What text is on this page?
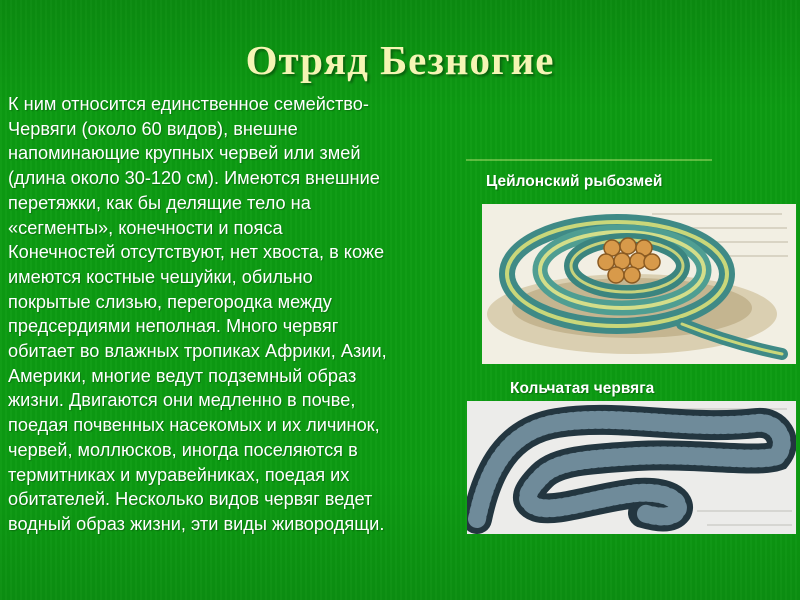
Отряд Безногие
К ним относится единственное семейство-
Червяги (около 60 видов), внешне
напоминающие крупных червей или змей
(длина около 30-120 см). Имеются внешние
перетяжки, как бы делящие тело на
«сегменты», конечности и пояса
Конечностей отсутствуют, нет хвоста, в коже
имеются костные чешуйки, обильно
покрытые слизью, перегородка между
предсердиями неполная. Много червяг
обитает во влажных тропиках Африки, Азии,
Америки, многие ведут подземный образ
жизни. Двигаются они медленно в почве,
поедая почвенных насекомых и их личинок,
червей, моллюсков, иногда поселяются в
термитниках и муравейниках, поедая их
обитателей. Несколько видов червяг ведет
водный образ жизни, эти виды живородящи.
Цейлонский рыбозмей
Кольчатая червяга
